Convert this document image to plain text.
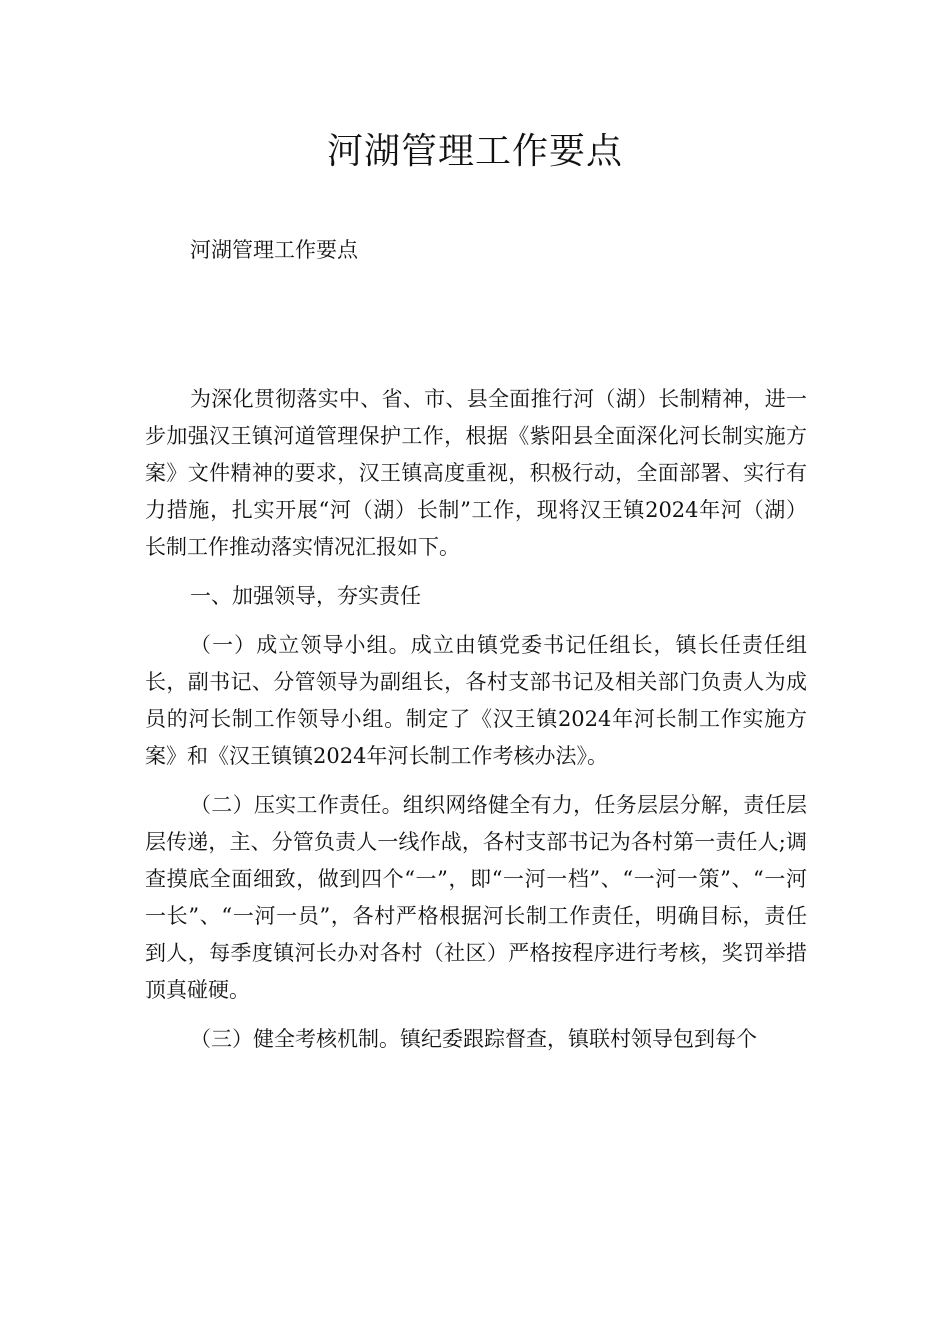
河湖管理工作要点

河湖管理工作要点

为深化贯彻落实中、省、市、县全面推行河（湖）长制精神，进一步加强汉王镇河道管理保护工作，根据《紫阳县全面深化河长制实施方案》文件精神的要求，汉王镇高度重视，积极行动，全面部署、实行有力措施，扎实开展“河（湖）长制”工作，现将汉王镇2024年河（湖）长制工作推动落实情况汇报如下。

一、加强领导，夯实责任

（一）成立领导小组。成立由镇党委书记任组长，镇长任责任组长，副书记、分管领导为副组长，各村支部书记及相关部门负责人为成员的河长制工作领导小组。制定了《汉王镇2024年河长制工作实施方案》和《汉王镇镇2024年河长制工作考核办法》。

（二）压实工作责任。组织网络健全有力，任务层层分解，责任层层传递，主、分管负责人一线作战，各村支部书记为各村第一责任人;调查摸底全面细致，做到四个“一”，即“一河一档”、“一河一策”、“一河一长”、“一河一员”，各村严格根据河长制工作责任，明确目标，责任到人，每季度镇河长办对各村（社区）严格按程序进行考核，奖罚举措顶真碰硬。

（三）健全考核机制。镇纪委跟踪督查，镇联村领导包到每个
